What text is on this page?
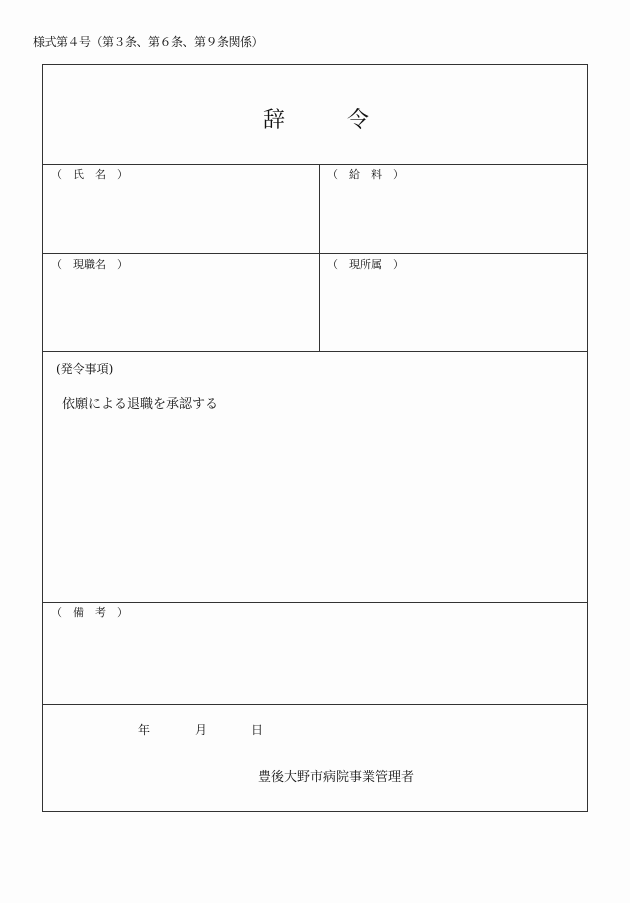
様式第４号（第３条、第６条、第９条関係）
辞	令
（　氏　名　）	（　給　料　）
（　現職名　）	（　現所属　）
(発令事項)
依願による退職を承認する
（　備　考　）
年	月	日
豊後大野市病院事業管理者
